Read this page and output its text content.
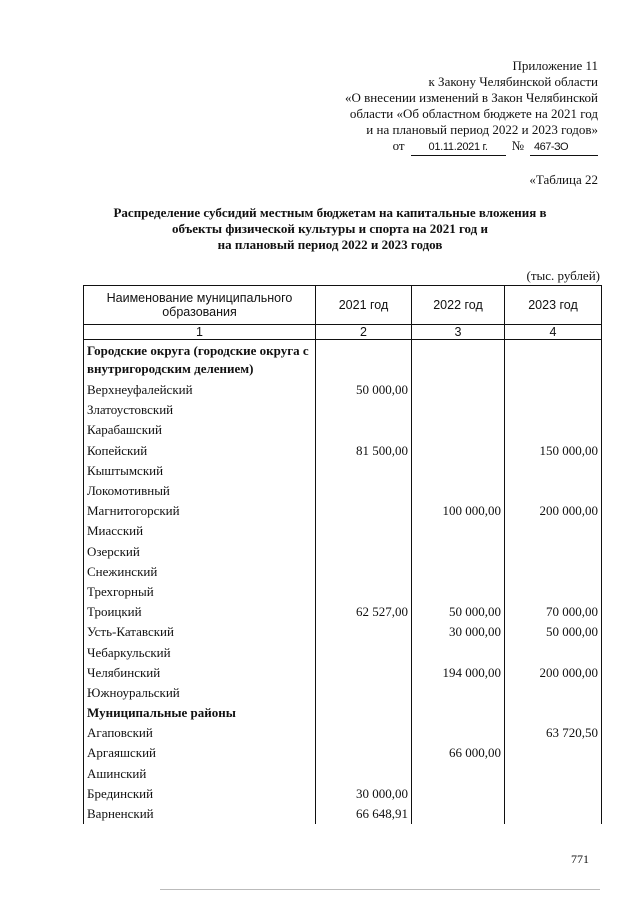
Приложение 11
к Закону Челябинской области
«О внесении изменений в Закон Челябинской
области «Об областном бюджете на 2021 год
и на плановый период 2022 и 2023 годов»
от	01.11.2021 г.	№ 467-ЗО
«Таблица 22
Распределение субсидий местным бюджетам на капитальные вложения в
объекты физической культуры и спорта на 2021 год и
на плановый период 2022 и 2023 годов
(тыс. рублей)
Наименование муниципального образования	2021 год	2022 год	2023 год
1	2	3	4
Городские округа (городские округа с внутригородским делением)			
Верхнеуфалейский	50 000,00		
Златоустовский			
Карабашский			
Копейский	81 500,00		150 000,00
Кыштымский			
Локомотивный			
Магнитогорский		100 000,00	200 000,00
Миасский			
Озерский			
Снежинский			
Трехгорный			
Троицкий	62 527,00	50 000,00	70 000,00
Усть-Катавский		30 000,00	50 000,00
Чебаркульский			
Челябинский		194 000,00	200 000,00
Южноуральский			
Муниципальные районы			
Агаповский			63 720,50
Аргаяшский		66 000,00	
Ашинский			
Брединский	30 000,00		
Варненский	66 648,91		
771
